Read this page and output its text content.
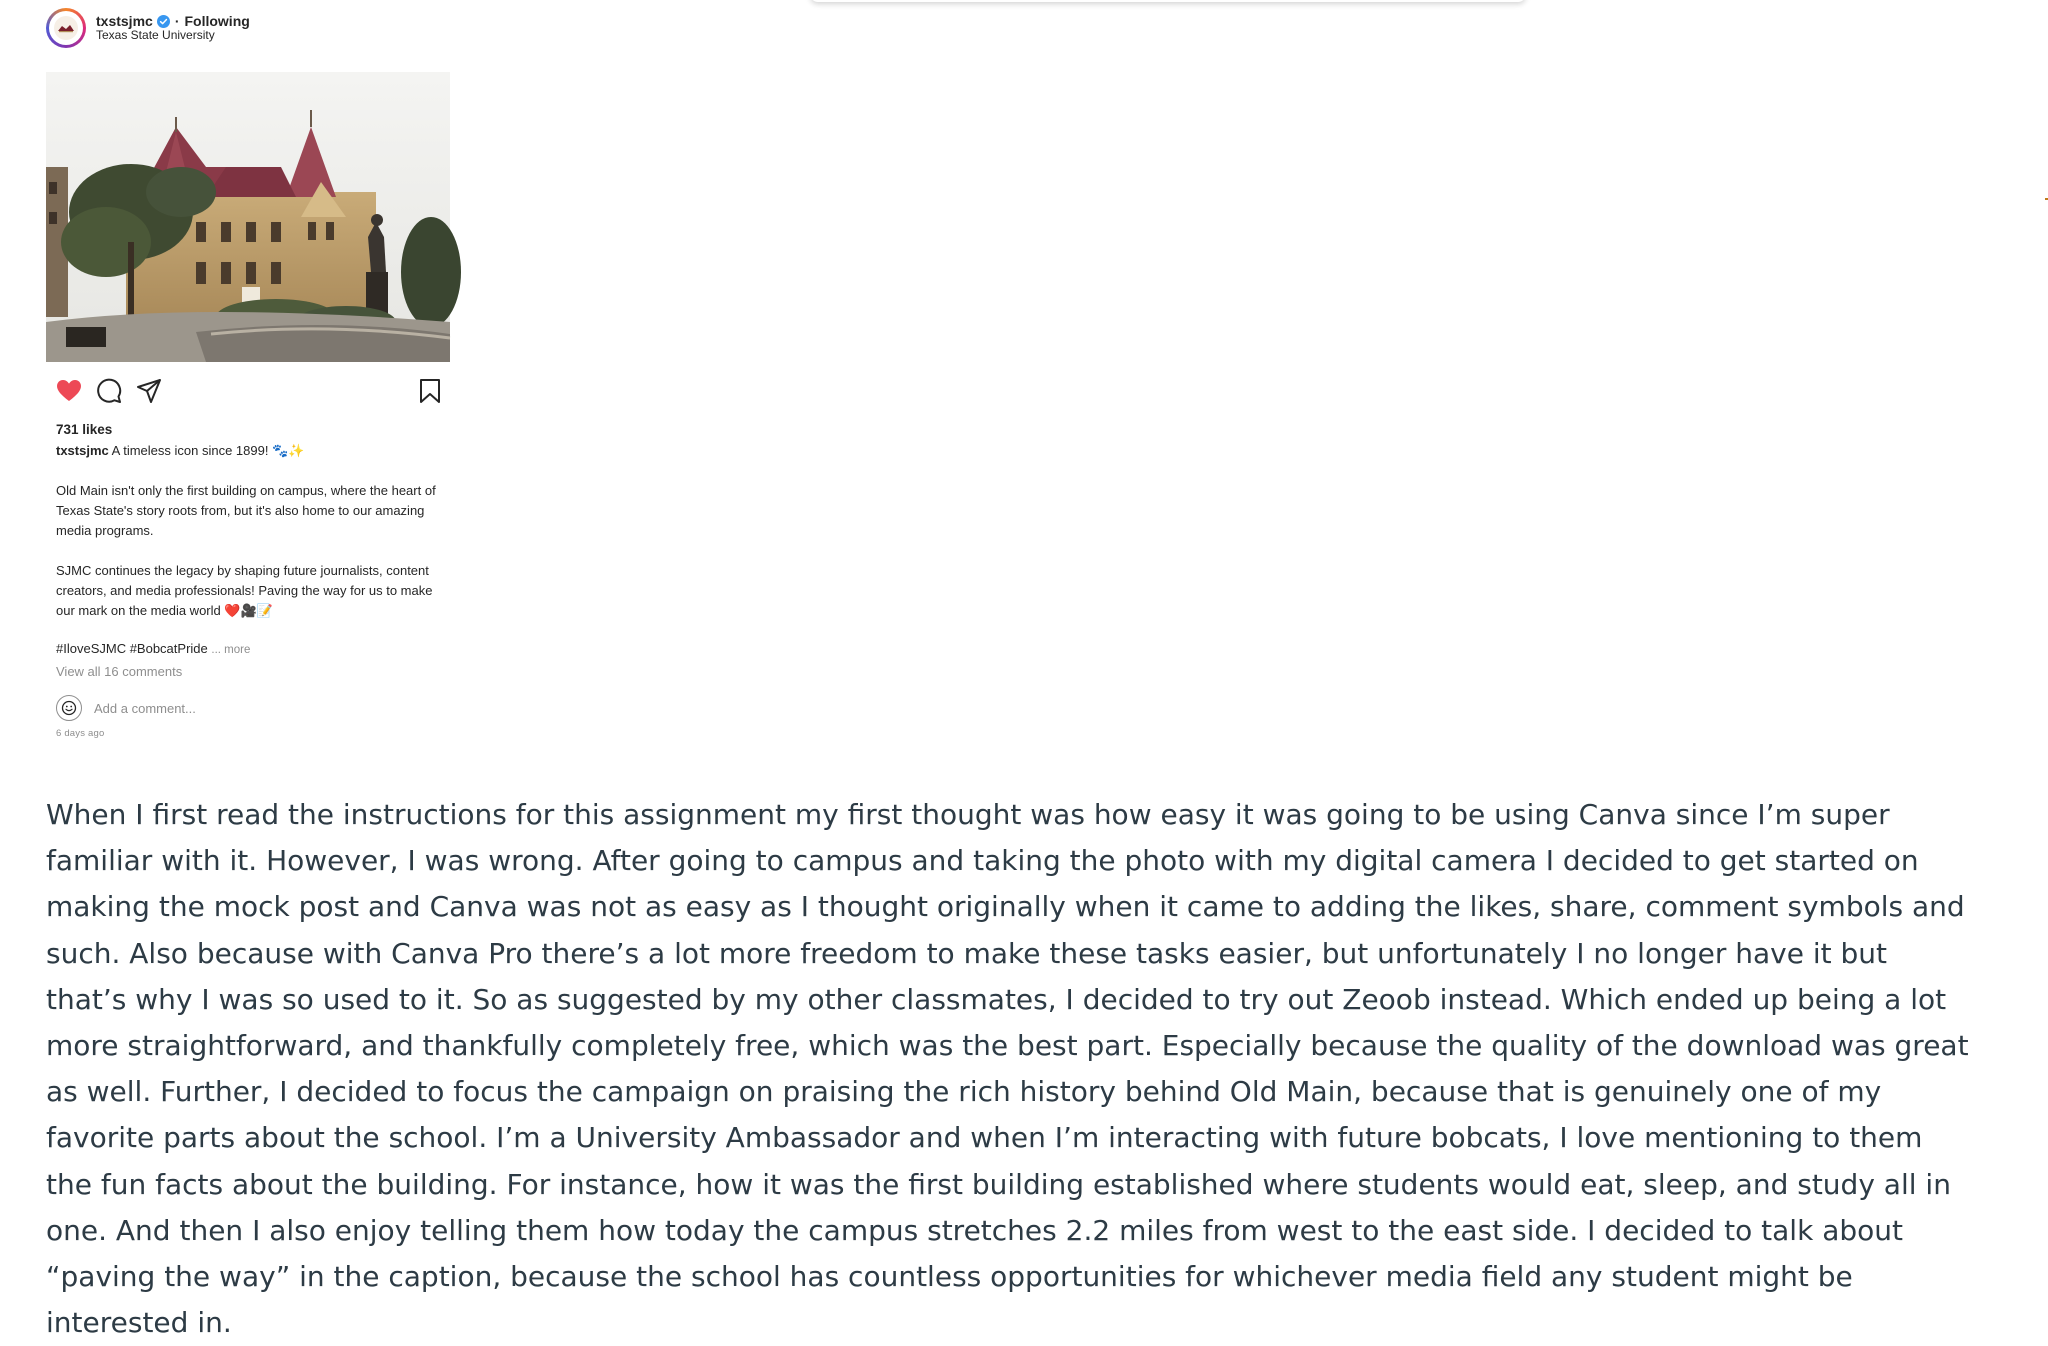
txstsjmc · Following
Texas State University
731 likes
txstsjmc A timeless icon since 1899! 🐾✨
Old Main isn't only the first building on campus, where the heart of Texas State's story roots from, but it's also home to our amazing media programs.
SJMC continues the legacy by shaping future journalists, content creators, and media professionals! Paving the way for us to make our mark on the media world ❤️🎥📝
#IloveSJMC #BobcatPride ... more
View all 16 comments
Add a comment...
6 days ago

When I first read the instructions for this assignment my first thought was how easy it was going to be using Canva since I’m super familiar with it. However, I was wrong. After going to campus and taking the photo with my digital camera I decided to get started on making the mock post and Canva was not as easy as I thought originally when it came to adding the likes, share, comment symbols and such. Also because with Canva Pro there’s a lot more freedom to make these tasks easier, but unfortunately I no longer have it but that’s why I was so used to it. So as suggested by my other classmates, I decided to try out Zeoob instead. Which ended up being a lot more straightforward, and thankfully completely free, which was the best part. Especially because the quality of the download was great as well. Further, I decided to focus the campaign on praising the rich history behind Old Main, because that is genuinely one of my favorite parts about the school. I’m a University Ambassador and when I’m interacting with future bobcats, I love mentioning to them the fun facts about the building. For instance, how it was the first building established where students would eat, sleep, and study all in one. And then I also enjoy telling them how today the campus stretches 2.2 miles from west to the east side. I decided to talk about “paving the way” in the caption, because the school has countless opportunities for whichever media field any student might be interested in.
